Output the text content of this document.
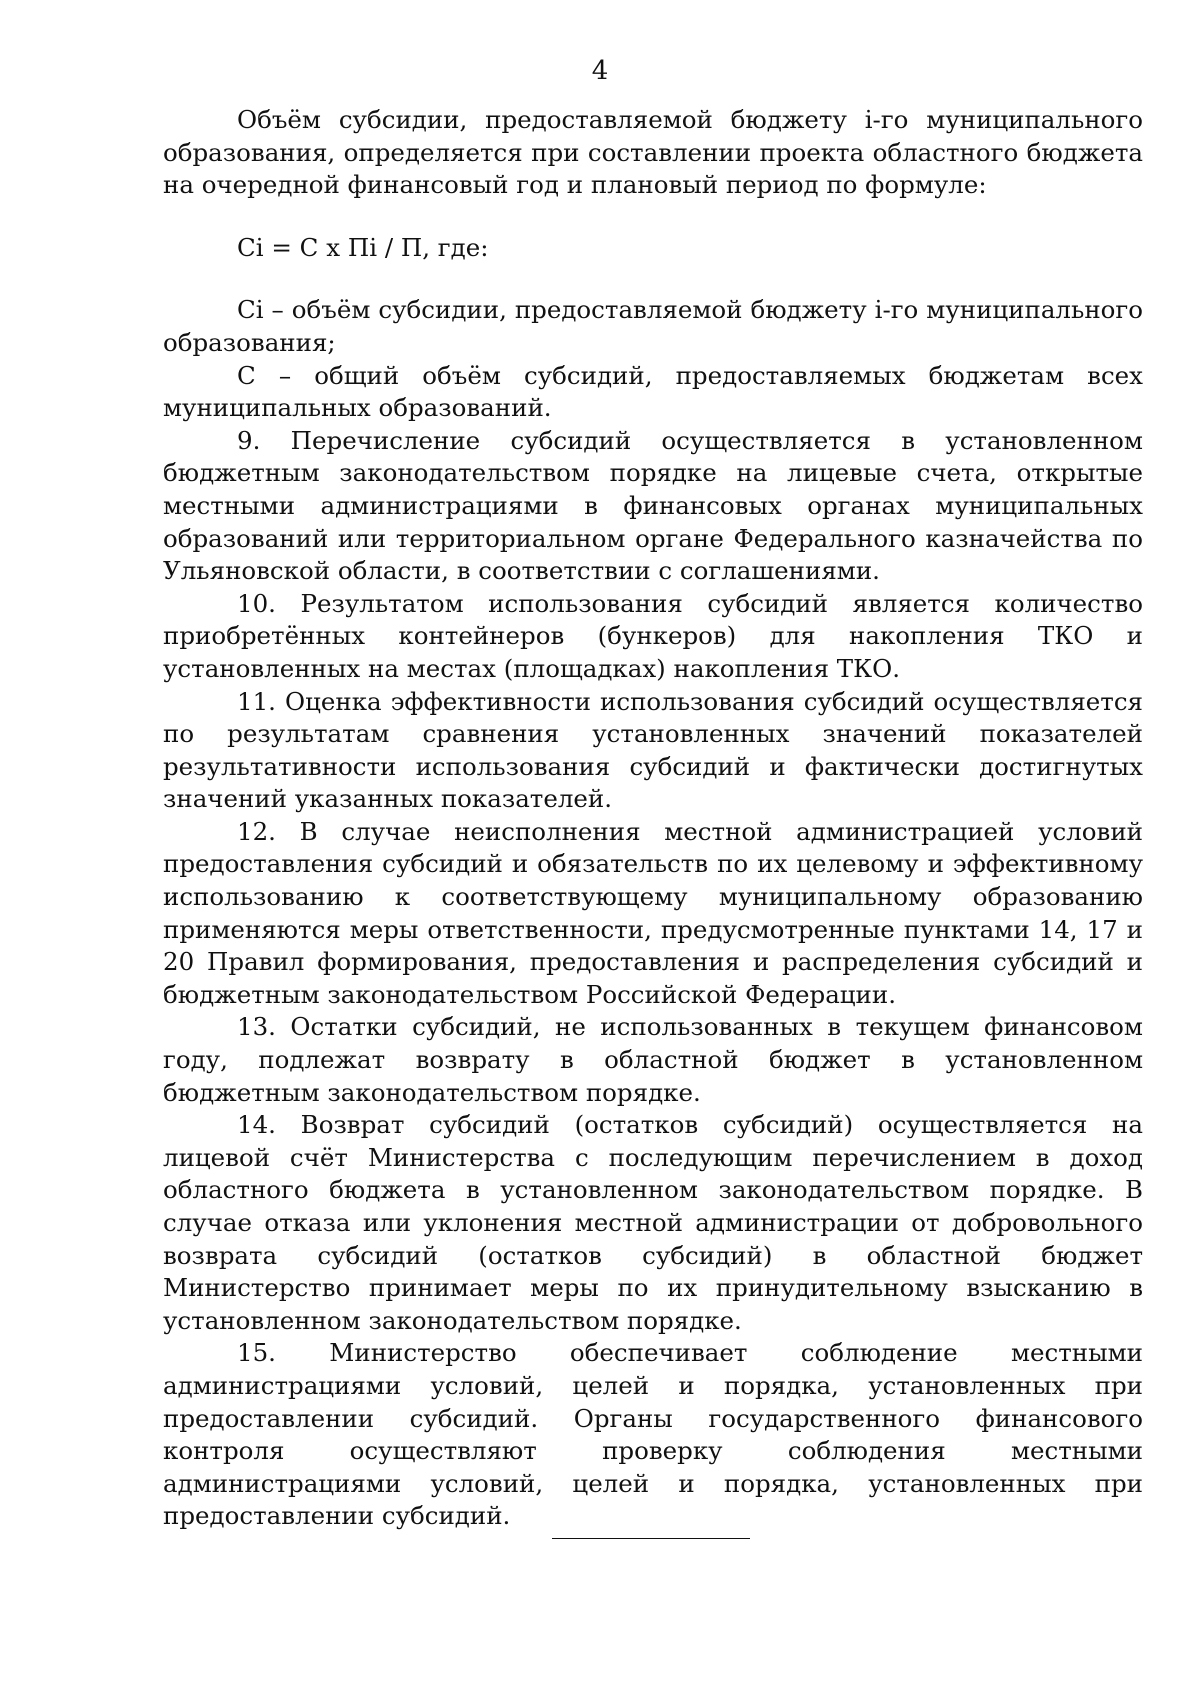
4

Объём субсидии, предоставляемой бюджету i-го муниципального образования, определяется при составлении проекта областного бюджета на очередной финансовый год и плановый период по формуле:

Ci = C x Пi / П, где:

Ci – объём субсидии, предоставляемой бюджету i-го муниципального образования;

С – общий объём субсидий, предоставляемых бюджетам всех муниципальных образований.

9. Перечисление субсидий осуществляется в установленном бюджетным законодательством порядке на лицевые счета, открытые местными администрациями в финансовых органах муниципальных образований или территориальном органе Федерального казначейства по Ульяновской области, в соответствии с соглашениями.

10. Результатом использования субсидий является количество приобретённых контейнеров (бункеров) для накопления ТКО и установленных на местах (площадках) накопления ТКО.

11. Оценка эффективности использования субсидий осуществляется по результатам сравнения установленных значений показателей результативности использования субсидий и фактически достигнутых значений указанных показателей.

12. В случае неисполнения местной администрацией условий предоставления субсидий и обязательств по их целевому и эффективному использованию к соответствующему муниципальному образованию применяются меры ответственности, предусмотренные пунктами 14, 17 и 20 Правил формирования, предоставления и распределения субсидий и бюджетным законодательством Российской Федерации.

13. Остатки субсидий, не использованных в текущем финансовом году, подлежат возврату в областной бюджет в установленном бюджетным законодательством порядке.

14. Возврат субсидий (остатков субсидий) осуществляется на лицевой счёт Министерства с последующим перечислением в доход областного бюджета в установленном законодательством порядке. В случае отказа или уклонения местной администрации от добровольного возврата субсидий (остатков субсидий) в областной бюджет Министерство принимает меры по их принудительному взысканию в установленном законодательством порядке.

15. Министерство обеспечивает соблюдение местными администрациями условий, целей и порядка, установленных при предоставлении субсидий. Органы государственного финансового контроля осуществляют проверку соблюдения местными администрациями условий, целей и порядка, установленных при предоставлении субсидий.
